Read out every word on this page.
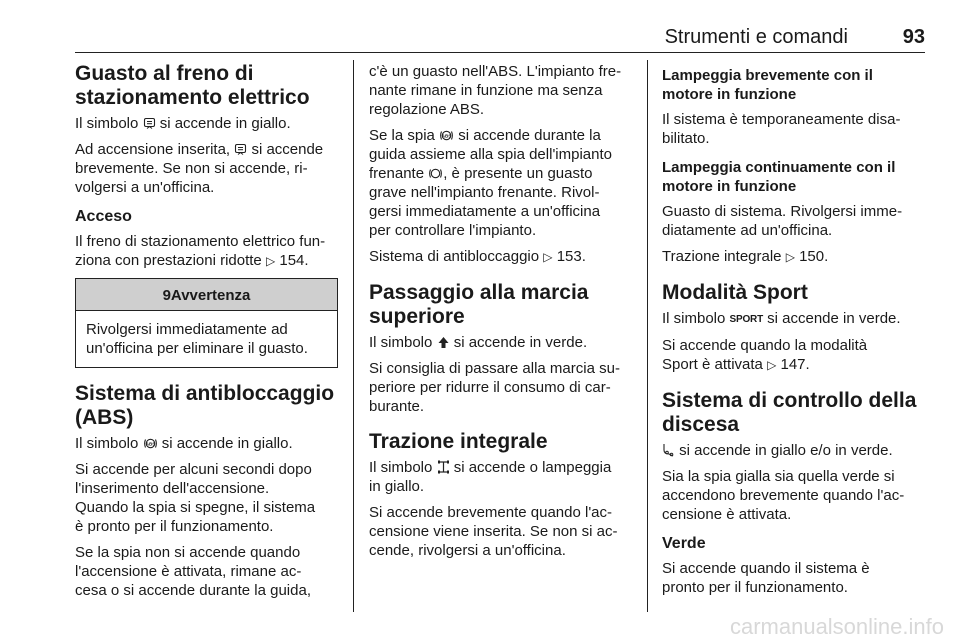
Strumenti e comandi	93
Guasto al freno di
stazionamento elettrico

Il simbolo si accende in giallo.

Ad accensione inserita, si accende
brevemente. Se non si accende, ri-
volgersi a un'officina.

Acceso

Il freno di stazionamento elettrico fun-
ziona con prestazioni ridotte ▷ 154.

9Avvertenza
Rivolgersi immediatamente ad
un'officina per eliminare il guasto.
Sistema di antibloccaggio
(ABS)

Il simbolo ABS si accende in giallo.

Si accende per alcuni secondi dopo
l'inserimento dell'accensione.
Quando la spia si spegne, il sistema
è pronto per il funzionamento.

Se la spia non si accende quando
l'accensione è attivata, rimane ac-
cesa o si accende durante la guida,

c'è un guasto nell'ABS. L'impianto fre-
nante rimane in funzione ma senza
regolazione ABS.

Se la spia ABS si accende durante la
guida assieme alla spia dell'impianto
frenante , è presente un guasto
grave nell'impianto frenante. Rivol-
gersi immediatamente a un'officina
per controllare l'impianto.

Sistema di antibloccaggio ▷ 153.

Passaggio alla marcia
superiore

Il simbolo si accende in verde.

Si consiglia di passare alla marcia su-
periore per ridurre il consumo di car-
burante.

Trazione integrale

Il simbolo si accende o lampeggia
in giallo.

Si accende brevemente quando l'ac-
censione viene inserita. Se non si ac-
cende, rivolgersi a un'officina.

Lampeggia brevemente con il
motore in funzione

Il sistema è temporaneamente disa-
bilitato.

Lampeggia continuamente con il
motore in funzione

Guasto di sistema. Rivolgersi imme-
diatamente ad un'officina.

Trazione integrale ▷ 150.

Modalità Sport

Il simbolo SPORT si accende in verde.

Si accende quando la modalità
Sport è attivata ▷ 147.

Sistema di controllo della
discesa

si accende in giallo e/o in verde.

Sia la spia gialla sia quella verde si
accendono brevemente quando l'ac-
censione è attivata.

Verde

Si accende quando il sistema è
pronto per il funzionamento.

carmanualsonline.info
